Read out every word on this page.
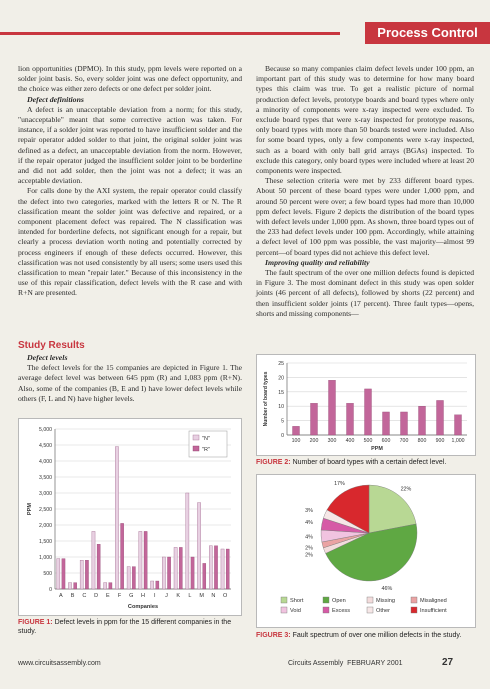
Process Control

lion opportunities (DPMO). In this study, ppm levels were reported on a solder joint basis. So, every solder joint was one defect opportunity, and the choice was either zero defects or one defect per solder joint.

Defect definitions

A defect is an unacceptable deviation from a norm; for this study, "unacceptable" meant that some corrective action was taken. For instance, if a solder joint was reported to have insufficient solder and the repair operator added solder to that joint, the original solder joint was defined as a defect, an unacceptable deviation from the norm. However, if the repair operator judged the insufficient solder joint to be borderline and did not add solder, then the joint was not a defect; it was an acceptable deviation.

For calls done by the AXI system, the repair operator could classify the defect into two categories, marked with the letters R or N. The R classification meant the solder joint was defective and repaired, or a component placement defect was repaired. The N classification was intended for borderline defects, not significant enough for a repair, but clearly a process deviation worth noting and potentially corrected by process engineers if enough of these defects occurred. However, this classification was not used consistently by all users; some users used this classification to mean "repair later." Because of this inconsistency in the use of this repair classification, defect levels with the R case and with R+N are presented.

Study Results
Defect levels

The defect levels for the 15 companies are depicted in Figure 1. The average defect level was between 645 ppm (R) and 1,083 ppm (R+N). Also, some of the companies (B, E and I) have lower defect levels while others (F, L and N) have higher levels.

Because so many companies claim defect levels under 100 ppm, an important part of this study was to determine for how many board types this claim was true. To get a realistic picture of normal production defect levels, prototype boards and board types where only a minority of components were x-ray inspected were excluded. To exclude board types that were x-ray inspected for prototype reasons, only board types with more than 50 boards tested were included. Also for some board types, only a few components were x-ray inspected, such as a board with only ball grid arrays (BGAs) inspected. To exclude this category, only board types were included where at least 20 components were inspected.

These selection criteria were met by 233 different board types. About 50 percent of these board types were under 1,000 ppm, and around 50 percent were over; a few board types had more than 10,000 ppm defect levels. Figure 2 depicts the distribution of the board types with defect levels under 1,000 ppm. As shown, three board types out of the 233 had defect levels under 100 ppm. Accordingly, while attaining a defect level of 100 ppm was possible, the vast majority—almost 99 percent—of board types did not achieve this defect level.

Improving quality and reliability

The fault spectrum of the over one million defects found is depicted in Figure 3. The most dominant defect in this study was open solder joints (46 percent of all defects), followed by shorts (22 percent) and then insufficient solder joints (17 percent). Three fault types—opens, shorts and missing components—

0
500
1,000
1,500
2,000
2,500
3,000
3,500
4,000
4,500
5,000
A B C D E F G H I J K L M N O
Companies
PPM
"N"
"R"
FIGURE 1: Defect levels in ppm for the 15 different companies in the study.
0
5
10
15
20
25
100 200 300 400 500 600 700 800 900 1,000
PPM
Number of board types
FIGURE 2: Number of board types with a certain defect level.
22%
46%
2%
2%
4%
4%
3%
17%
Short	Open	Missing	Misaligned
Void	Excess	Other	Insufficient
FIGURE 3: Fault spectrum of over one million defects in the study.
www.circuitsassembly.com	Circuits Assembly FEBRUARY 2001	27
